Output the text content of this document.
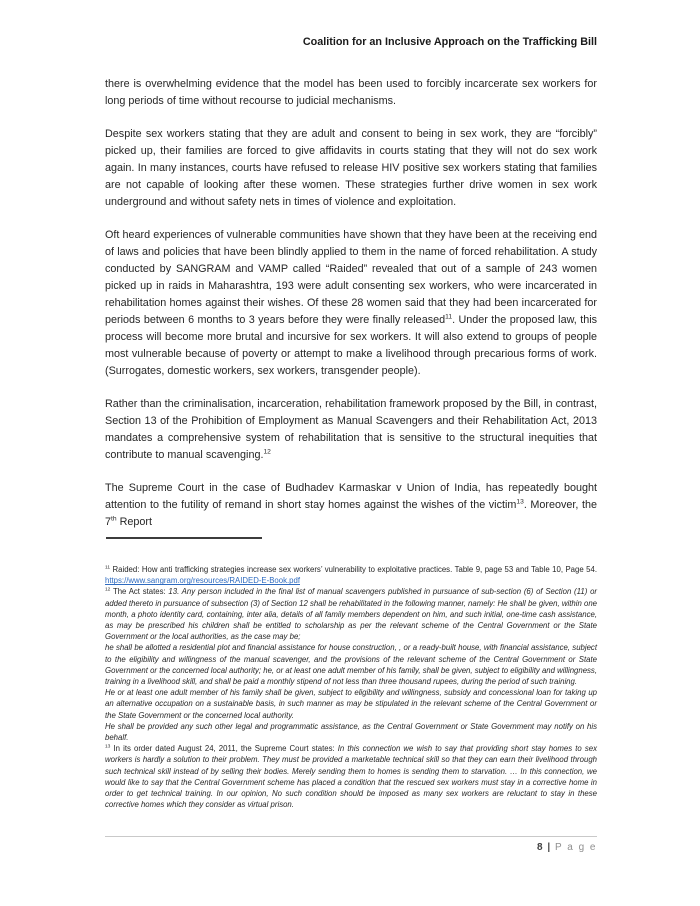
Coalition for an Inclusive Approach on the Trafficking Bill

there is overwhelming evidence that the model has been used to forcibly incarcerate sex workers for long periods of time without recourse to judicial mechanisms.

Despite sex workers stating that they are adult and consent to being in sex work, they are “forcibly” picked up, their families are forced to give affidavits in courts stating that they will not do sex work again. In many instances, courts have refused to release HIV positive sex workers stating that families are not capable of looking after these women. These strategies further drive women in sex work underground and without safety nets in times of violence and exploitation.

Oft heard experiences of vulnerable communities have shown that they have been at the receiving end of laws and policies that have been blindly applied to them in the name of forced rehabilitation. A study conducted by SANGRAM and VAMP called “Raided” revealed that out of a sample of 243 women picked up in raids in Maharashtra, 193 were adult consenting sex workers, who were incarcerated in rehabilitation homes against their wishes. Of these 28 women said that they had been incarcerated for periods between 6 months to 3 years before they were finally released$^{11}$. Under the proposed law, this process will become more brutal and incursive for sex workers. It will also extend to groups of people most vulnerable because of poverty or attempt to make a livelihood through precarious forms of work. (Surrogates, domestic workers, sex workers, transgender people).

Rather than the criminalisation, incarceration, rehabilitation framework proposed by the Bill, in contrast, Section 13 of the Prohibition of Employment as Manual Scavengers and their Rehabilitation Act, 2013 mandates a comprehensive system of rehabilitation that is sensitive to the structural inequities that contribute to manual scavenging.$^{12}$

The Supreme Court in the case of Budhadev Karmaskar v Union of India, has repeatedly bought attention to the futility of remand in short stay homes against the wishes of the victim$^{13}$. Moreover, the 7th Report

$^{11}$ Raided: How anti trafficking strategies increase sex workers’ vulnerability to exploitative practices. Table 9, page 53 and Table 10, Page 54. https://www.sangram.org/resources/RAIDED-E-Book.pdf
$^{12}$ The Act states: 13. Any person included in the final list of manual scavengers published in pursuance of sub-section (6) of Section (11) or added thereto in pursuance of subsection (3) of Section 12 shall be rehabilitated in the following manner, namely: He shall be given, within one month, a photo identity card, containing, inter alia, details of all family members dependent on him, and such initial, one-time cash assistance, as may be prescribed his children shall be entitled to scholarship as per the relevant scheme of the Central Government or the State Government or the local authorities, as the case may be;
he shall be allotted a residential plot and financial assistance for house construction, , or a ready-built house, with financial assistance, subject to the eligibility and willingness of the manual scavenger, and the provisions of the relevant scheme of the Central Government or State Government or the concerned local authority; he, or at least one adult member of his family, shall be given, subject to eligibility and willingness, training in a livelihood skill, and shall be paid a monthly stipend of not less than three thousand rupees, during the period of such training.
He or at least one adult member of his family shall be given, subject to eligibility and willingness, subsidy and concessional loan for taking up an alternative occupation on a sustainable basis, in such manner as may be stipulated in the relevant scheme of the Central Government or the State Government or the concerned local authority.
He shall be provided any such other legal and programmatic assistance, as the Central Government or State Government may notify on his behalf.
$^{13}$ In its order dated August 24, 2011, the Supreme Court states: In this connection we wish to say that providing short stay homes to sex workers is hardly a solution to their problem. They must be provided a marketable technical skill so that they can earn their livelihood through such technical skill instead of by selling their bodies. Merely sending them to homes is sending them to starvation. … In this connection, we would like to say that the Central Government scheme has placed a condition that the rescued sex workers must stay in a corrective home in order to get technical training. In our opinion, No such condition should be imposed as many sex workers are reluctant to stay in these corrective homes which they consider as virtual prison.
8 | P a g e
